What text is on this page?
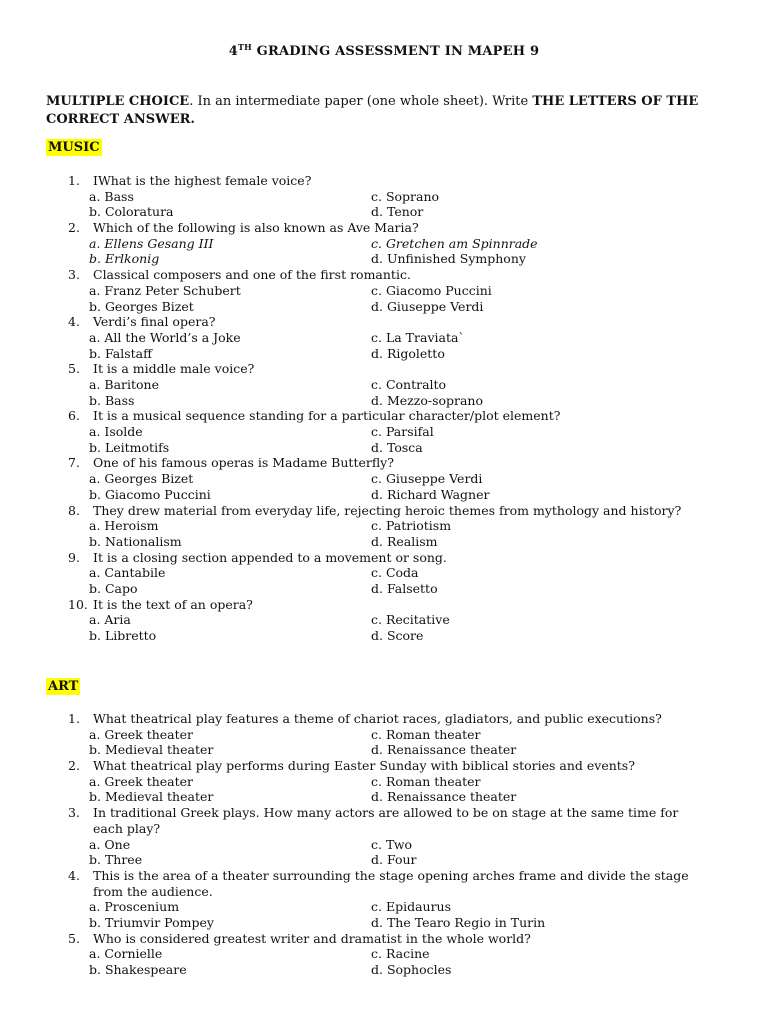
4TH GRADING ASSESSMENT IN MAPEH 9
MULTIPLE CHOICE. In an intermediate paper (one whole sheet). Write THE LETTERS OF THE CORRECT ANSWER.
MUSIC
1.	IWhat is the highest female voice?
a. Bass	c. Soprano
b. Coloratura	d. Tenor
2.	Which of the following is also known as Ave Maria?
a. Ellens Gesang III	c. Gretchen am Spinnrade
b. Erlkonig	d. Unfinished Symphony
3.	Classical composers and one of the first romantic.
a. Franz Peter Schubert	c. Giacomo Puccini
b. Georges Bizet	d. Giuseppe Verdi
4.	Verdi’s final opera?
a. All the World’s a Joke	c. La Traviata`
b. Falstaff	d. Rigoletto
5.	It is a middle male voice?
a. Baritone	c. Contralto
b. Bass	d. Mezzo-soprano
6.	It is a musical sequence standing for a particular character/plot element?
a. Isolde	c. Parsifal
b. Leitmotifs	d. Tosca
7.	One of his famous operas is Madame Butterfly?
a. Georges Bizet	c. Giuseppe Verdi
b. Giacomo Puccini	d. Richard Wagner
8.	They drew material from everyday life, rejecting heroic themes from mythology and history?
a. Heroism	c. Patriotism
b. Nationalism	d. Realism
9.	It is a closing section appended to a movement or song.
a. Cantabile	c. Coda
b. Capo	d. Falsetto
10. It is the text of an opera?
a. Aria	c. Recitative
b. Libretto	d. Score
ART
1.	What theatrical play features a theme of chariot races, gladiators, and public executions?
a. Greek theater	c. Roman theater
b. Medieval theater	d. Renaissance theater
2.	What theatrical play performs during Easter Sunday with biblical stories and events?
a. Greek theater	c. Roman theater
b. Medieval theater	d. Renaissance theater
3.	In traditional Greek plays. How many actors are allowed to be on stage at the same time for each play?
a. One	c. Two
b. Three	d. Four
4.	This is the area of a theater surrounding the stage opening arches frame and divide the stage from the audience.
a. Proscenium	c. Epidaurus
b. Triumvir Pompey	d. The Tearo Regio in Turin
5.	Who is considered greatest writer and dramatist in the whole world?
a. Cornielle	c. Racine
b. Shakespeare	d. Sophocles
